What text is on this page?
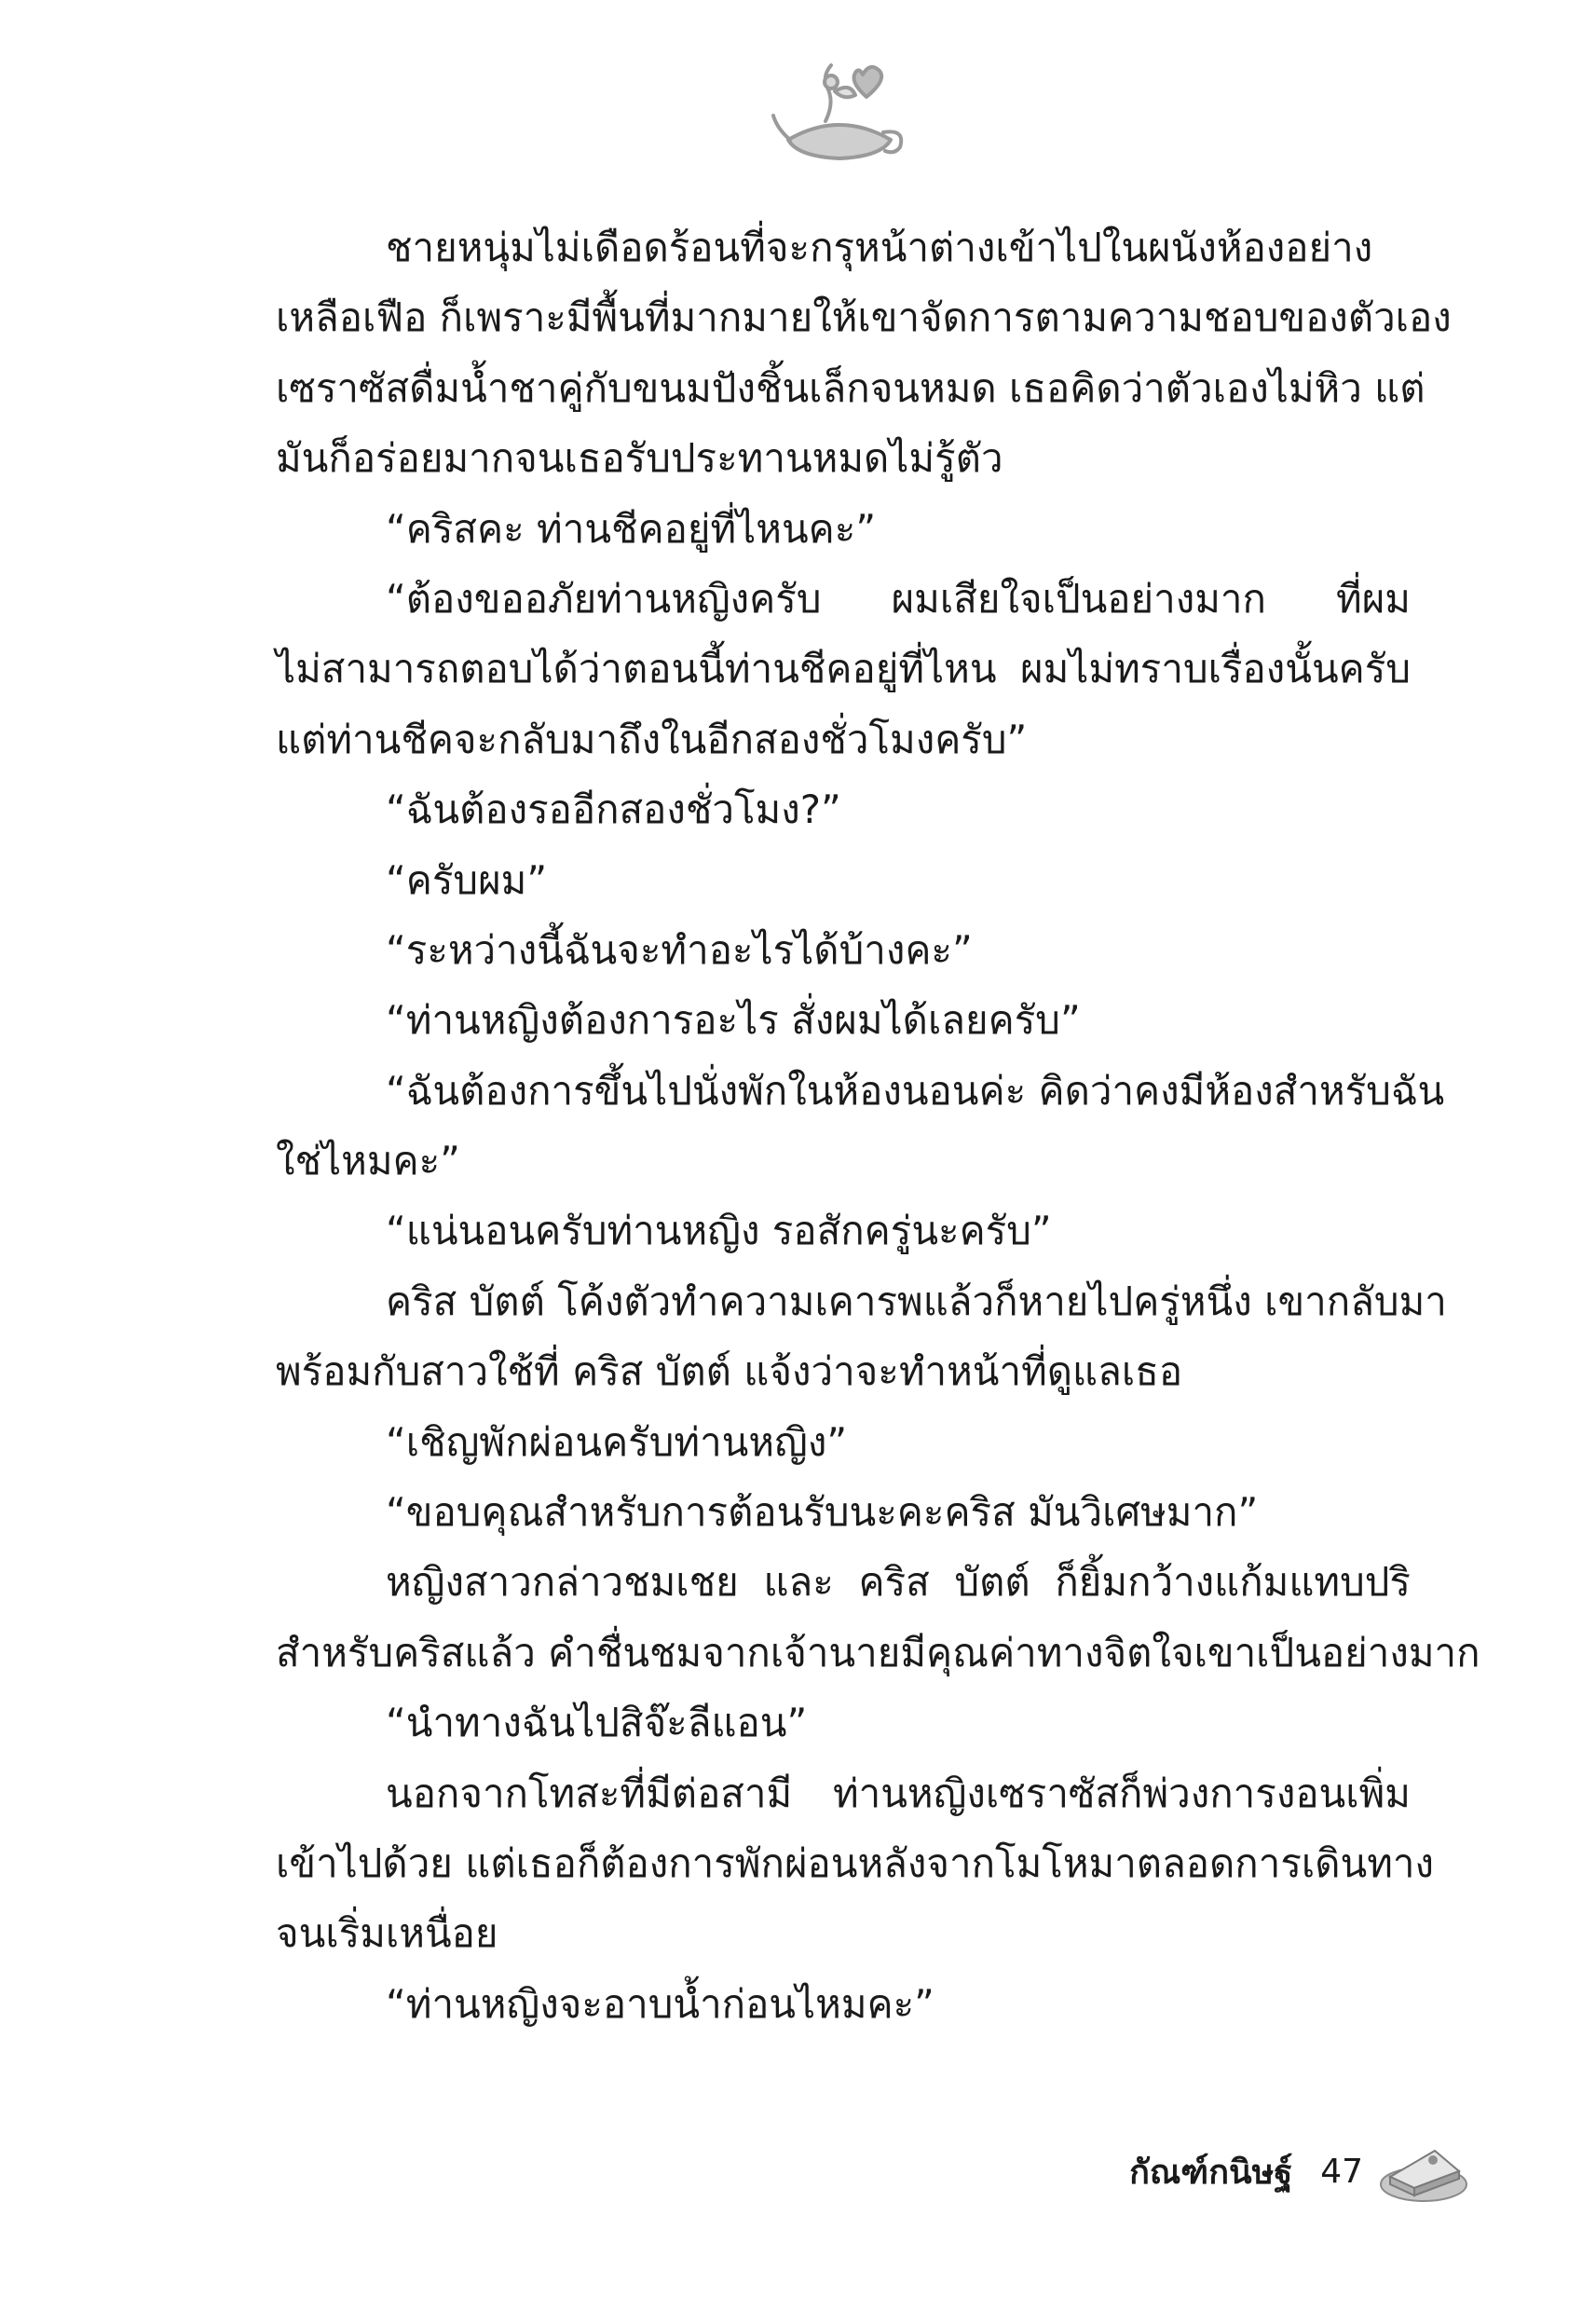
ชายหนุ่มไม่เดือดร้อนที่จะกรุหน้าต่างเข้าไปในผนังห้องอย่าง
เหลือเฟือ ก็เพราะมีพื้นที่มากมายให้เขาจัดการตามความชอบของตัวเอง
เซราซัสดื่มน้ำชาคู่กับขนมปังชิ้นเล็กจนหมด เธอคิดว่าตัวเองไม่หิว แต่
มันก็อร่อยมากจนเธอรับประทานหมดไม่รู้ตัว
“คริสคะ ท่านชีคอยู่ที่ไหนคะ”
“ต้องขออภัยท่านหญิงครับ ผมเสียใจเป็นอย่างมาก ที่ผม
ไม่สามารถตอบได้ว่าตอนนี้ท่านชีคอยู่ที่ไหน ผมไม่ทราบเรื่องนั้นครับ
แต่ท่านชีคจะกลับมาถึงในอีกสองชั่วโมงครับ”
“ฉันต้องรออีกสองชั่วโมง?”
“ครับผม”
“ระหว่างนี้ฉันจะทำอะไรได้บ้างคะ”
“ท่านหญิงต้องการอะไร สั่งผมได้เลยครับ”
“ฉันต้องการขึ้นไปนั่งพักในห้องนอนค่ะ คิดว่าคงมีห้องสำหรับฉัน
ใช่ไหมคะ”
“แน่นอนครับท่านหญิง รอสักครู่นะครับ”
คริส บัตต์ โค้งตัวทำความเคารพแล้วก็หายไปครู่หนึ่ง เขากลับมา
พร้อมกับสาวใช้ที่ คริส บัตต์ แจ้งว่าจะทำหน้าที่ดูแลเธอ
“เชิญพักผ่อนครับท่านหญิง”
“ขอบคุณสำหรับการต้อนรับนะคะคริส มันวิเศษมาก”
หญิงสาวกล่าวชมเชย และ คริส บัตต์ ก็ยิ้มกว้างแก้มแทบปริ
สำหรับคริสแล้ว คำชื่นชมจากเจ้านายมีคุณค่าทางจิตใจเขาเป็นอย่างมาก
“นำทางฉันไปสิจ๊ะลีแอน”
นอกจากโทสะที่มีต่อสามี ท่านหญิงเซราซัสก็พ่วงการงอนเพิ่ม
เข้าไปด้วย แต่เธอก็ต้องการพักผ่อนหลังจากโมโหมาตลอดการเดินทาง
จนเริ่มเหนื่อย
“ท่านหญิงจะอาบน้ำก่อนไหมคะ”
กัณฑ์กนิษฐ์ 47
